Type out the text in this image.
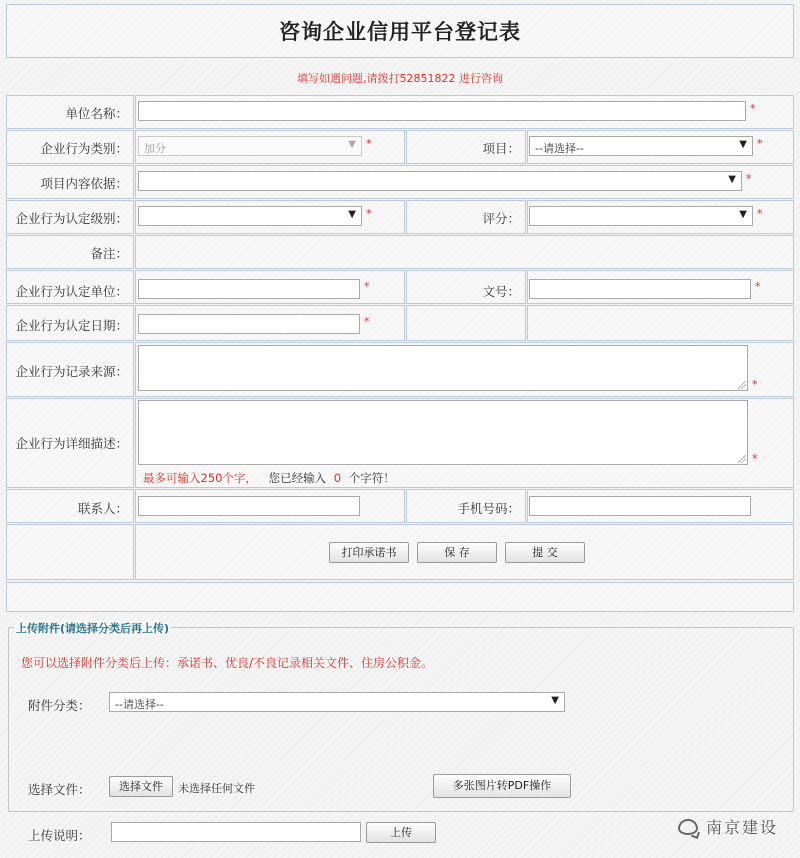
咨询企业信用平台登记表
填写如遇问题,请拨打52851822 进行咨询
单位名称：	*
企业行为类别： 加分	▼ *	项目： --请选择--	▼ *
项目内容依据：	▼ *
企业行为认定级别：	▼ *	评分：	▼ *
备注：
企业行为认定单位：	*	文号：	*
企业行为认定日期：	*
企业行为记录来源：
*
企业行为详细描述：
*
最多可输入250个字， 您已经输入 0 个字符！
联系人：	手机号码：
打印承诺书	保 存	提 交
上传附件(请选择分类后再上传)
您可以选择附件分类后上传：承诺书、优良/不良记录相关文件、住房公积金。
附件分类： --请选择--	▼
选择文件：	选择文件	未选择任何文件	多张图片转PDF操作
上传说明：	上传	南京建设
